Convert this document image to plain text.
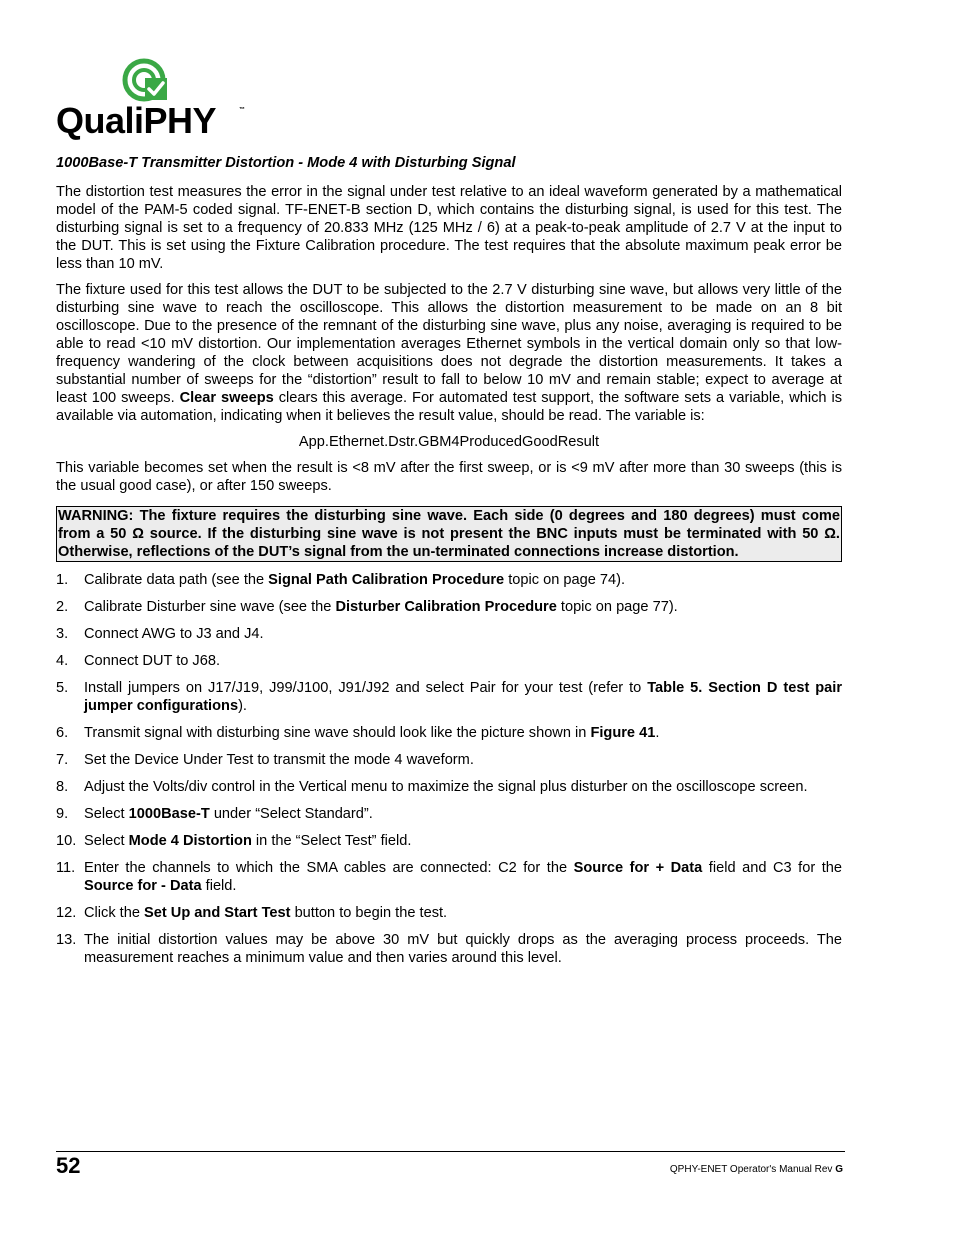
QualiPHY	™
1000Base-T Transmitter Distortion - Mode 4 with Disturbing Signal

The distortion test measures the error in the signal under test relative to an ideal waveform generated by a mathematical model of the PAM-5 coded signal. TF-ENET-B section D, which contains the disturbing signal, is used for this test. The disturbing signal is set to a frequency of 20.833 MHz (125 MHz / 6) at a peak-to-peak amplitude of 2.7 V at the input to the DUT. This is set using the Fixture Calibration procedure. The test requires that the absolute maximum peak error be less than 10 mV.

The fixture used for this test allows the DUT to be subjected to the 2.7 V disturbing sine wave, but allows very little of the disturbing sine wave to reach the oscilloscope. This allows the distortion measurement to be made on an 8 bit oscilloscope. Due to the presence of the remnant of the disturbing sine wave, plus any noise, averaging is required to be able to read <10 mV distortion. Our implementation averages Ethernet symbols in the vertical domain only so that low-frequency wandering of the clock between acquisitions does not degrade the distortion measurements. It takes a substantial number of sweeps for the “distortion” result to fall to below 10 mV and remain stable; expect to average at least 100 sweeps. Clear sweeps clears this average. For automated test support, the software sets a variable, which is available via automation, indicating when it believes the result value, should be read. The variable is:

App.Ethernet.Dstr.GBM4ProducedGoodResult

This variable becomes set when the result is <8 mV after the first sweep, or is <9 mV after more than 30 sweeps (this is the usual good case), or after 150 sweeps.

WARNING: The fixture requires the disturbing sine wave. Each side (0 degrees and 180 degrees) must come from a 50 Ω source. If the disturbing sine wave is not present the BNC inputs must be terminated with 50 Ω. Otherwise, reflections of the DUT’s signal from the un-terminated connections increase distortion.
1. Calibrate data path (see the Signal Path Calibration Procedure topic on page 74).
2. Calibrate Disturber sine wave (see the Disturber Calibration Procedure topic on page 77).
3. Connect AWG to J3 and J4.
4. Connect DUT to J68.
5. Install jumpers on J17/J19, J99/J100, J91/J92 and select Pair for your test (refer to Table 5. Section D test pair jumper configurations).
6. Transmit signal with disturbing sine wave should look like the picture shown in Figure 41.
7. Set the Device Under Test to transmit the mode 4 waveform.
8. Adjust the Volts/div control in the Vertical menu to maximize the signal plus disturber on the oscilloscope screen.
9. Select 1000Base-T under “Select Standard”.
10. Select Mode 4 Distortion in the “Select Test” field.
11. Enter the channels to which the SMA cables are connected: C2 for the Source for + Data field and C3 for the Source for - Data field.
12. Click the Set Up and Start Test button to begin the test.
13. The initial distortion values may be above 30 mV but quickly drops as the averaging process proceeds. The measurement reaches a minimum value and then varies around this level.
52	QPHY-ENET Operator's Manual Rev G
